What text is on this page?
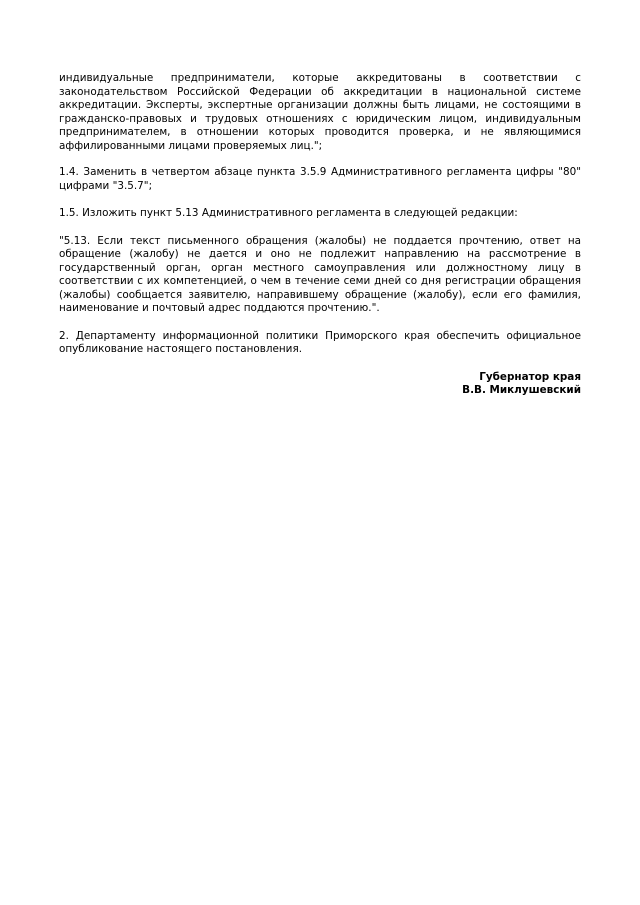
индивидуальные предприниматели, которые аккредитованы в соответствии с законодательством Российской Федерации об аккредитации в национальной системе аккредитации. Эксперты, экспертные организации должны быть лицами, не состоящими в гражданско-правовых и трудовых отношениях с юридическим лицом, индивидуальным предпринимателем, в отношении которых проводится проверка, и не являющимися аффилированными лицами проверяемых лиц.";

1.4. Заменить в четвертом абзаце пункта 3.5.9 Административного регламента цифры "80" цифрами "3.5.7";

1.5. Изложить пункт 5.13 Административного регламента в следующей редакции:

"5.13. Если текст письменного обращения (жалобы) не поддается прочтению, ответ на обращение (жалобу) не дается и оно не подлежит направлению на рассмотрение в государственный орган, орган местного самоуправления или должностному лицу в соответствии с их компетенцией, о чем в течение семи дней со дня регистрации обращения (жалобы) сообщается заявителю, направившему обращение (жалобу), если его фамилия, наименование и почтовый адрес поддаются прочтению.".

2. Департаменту информационной политики Приморского края обеспечить официальное опубликование настоящего постановления.

Губернатор края
В.В. Миклушевский
